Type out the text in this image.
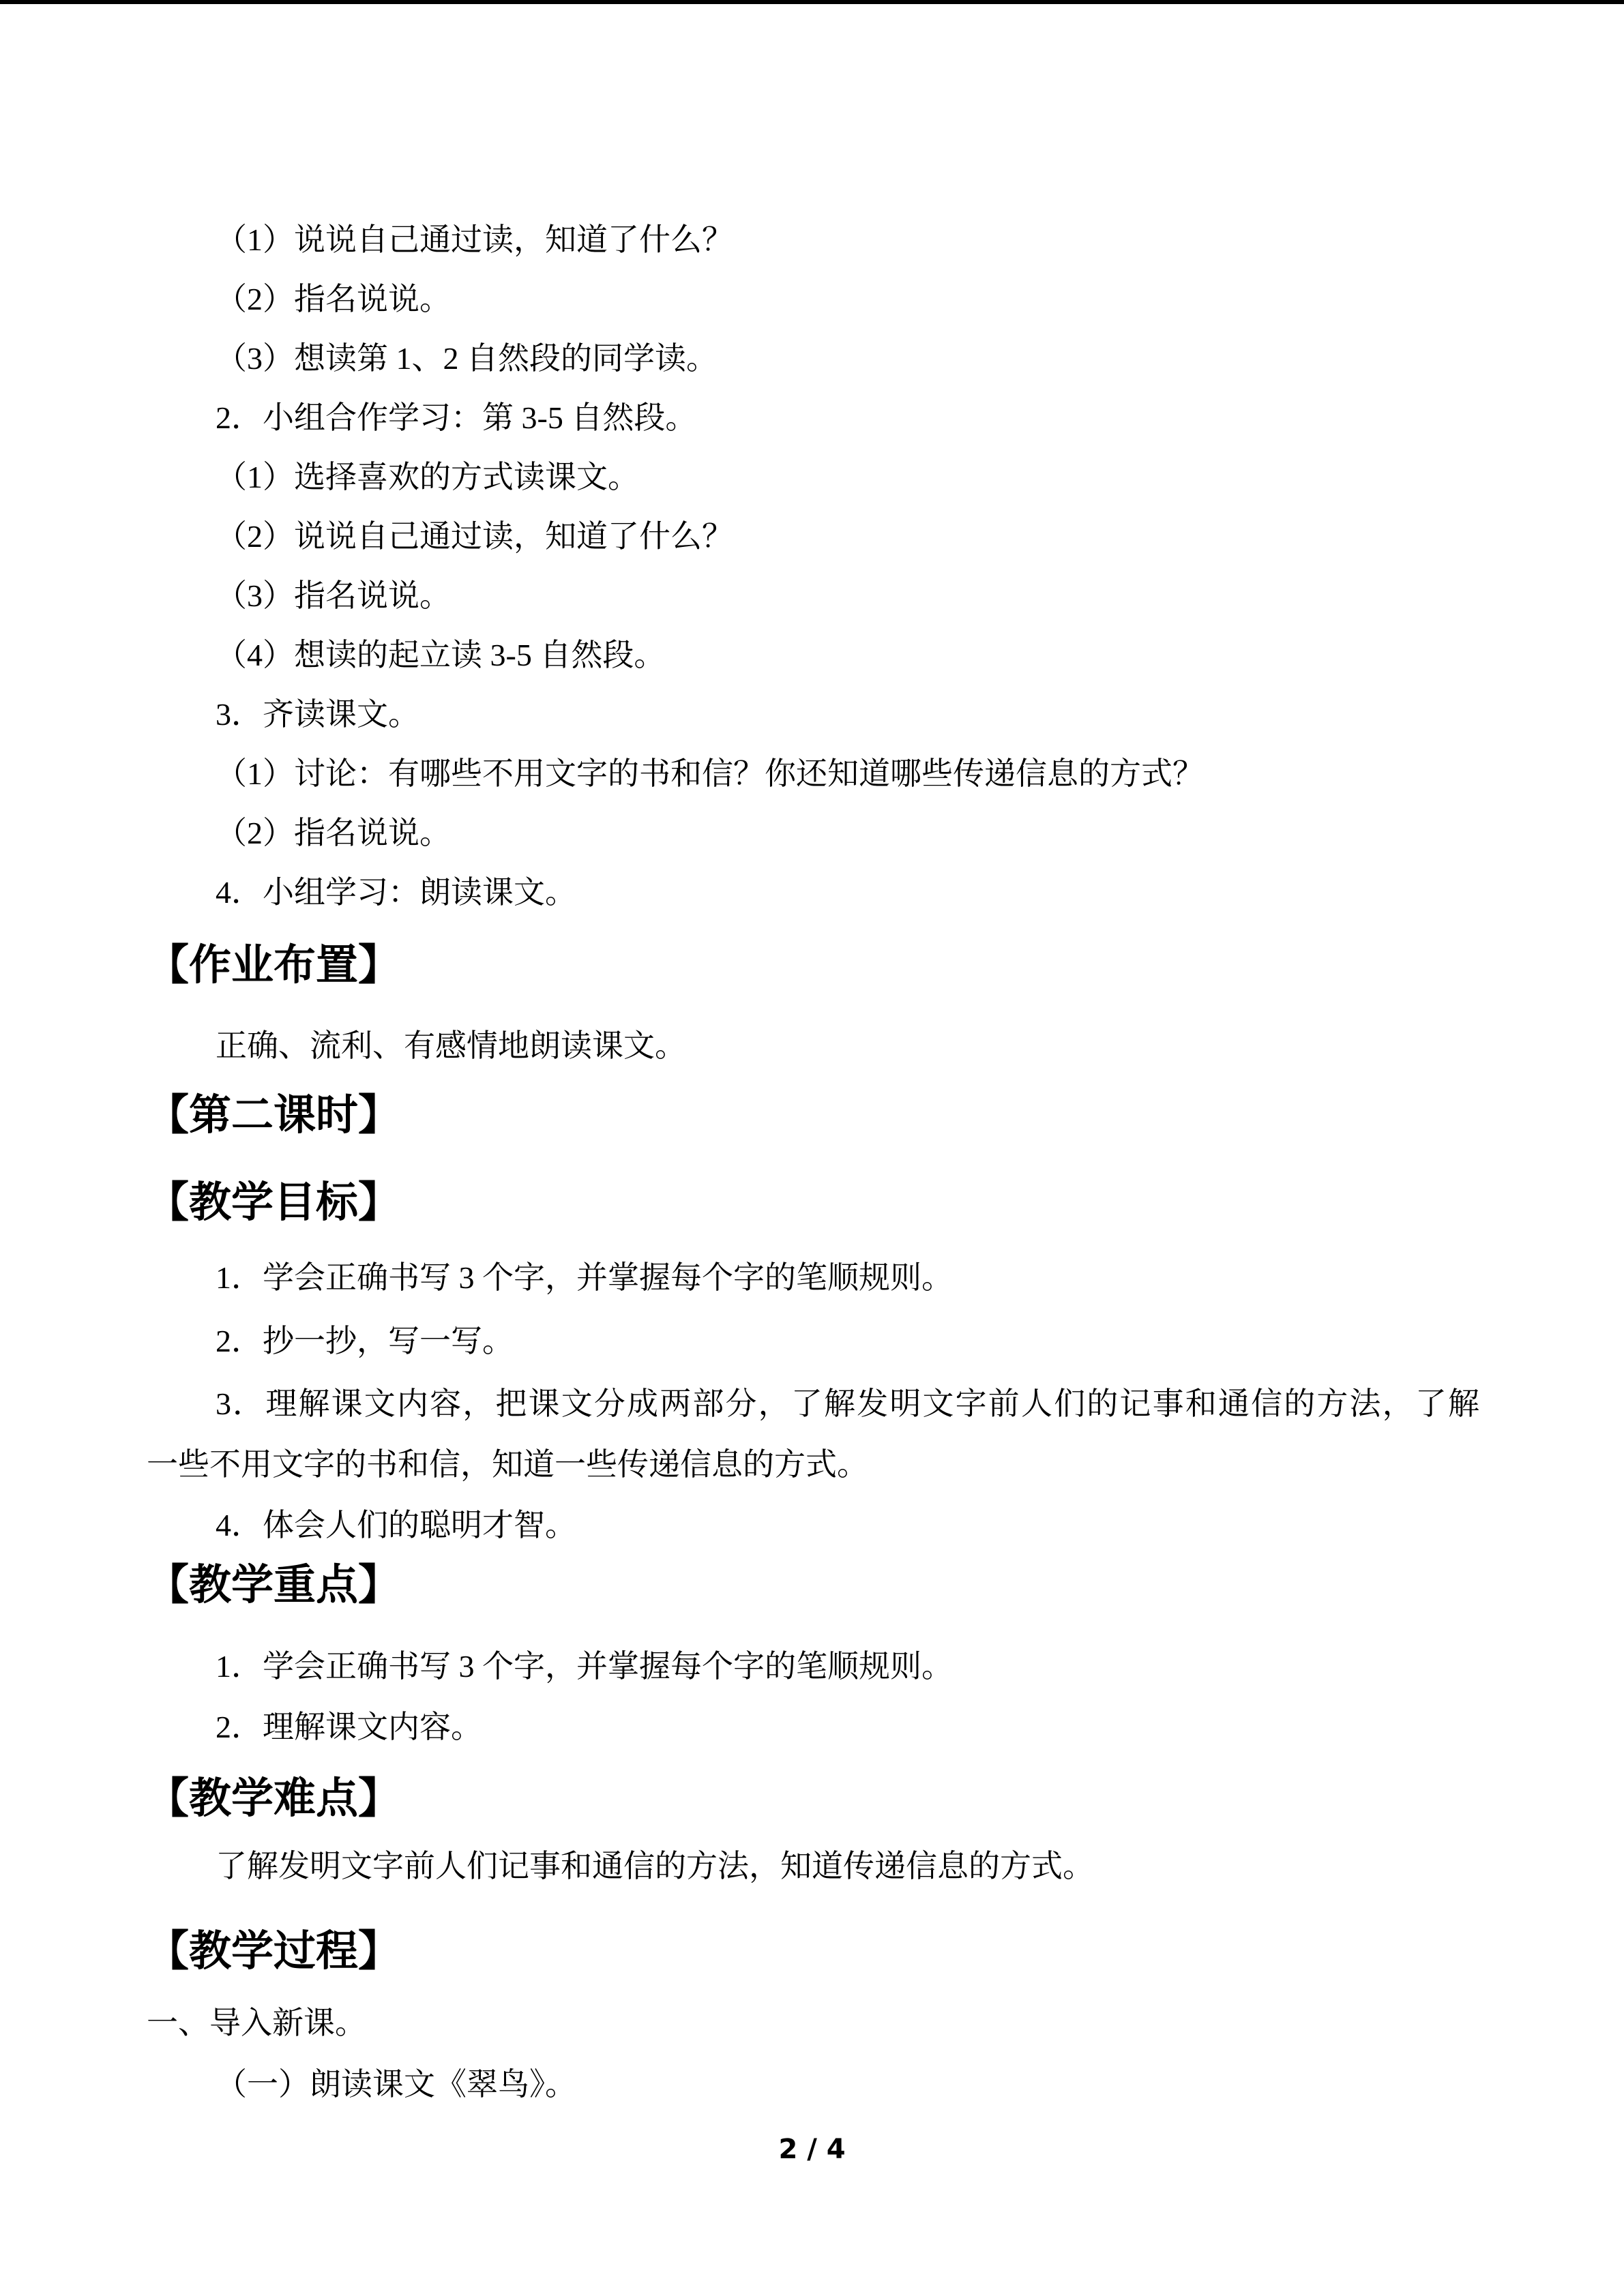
（1）说说自己通过读，知道了什么？
（2）指名说说。
（3）想读第 1、2 自然段的同学读。
2．小组合作学习：第 3-5 自然段。
（1）选择喜欢的方式读课文。
（2）说说自己通过读，知道了什么？
（3）指名说说。
（4）想读的起立读 3-5 自然段。
3．齐读课文。
（1）讨论：有哪些不用文字的书和信？你还知道哪些传递信息的方式？
（2）指名说说。
4．小组学习：朗读课文。
【作业布置】
正确、流利、有感情地朗读课文。
【第二课时】
【教学目标】
1．学会正确书写 3 个字，并掌握每个字的笔顺规则。
2．抄一抄，写一写。
3．理解课文内容，把课文分成两部分，了解发明文字前人们的记事和通信的方法，了解
一些不用文字的书和信，知道一些传递信息的方式。
4．体会人们的聪明才智。
【教学重点】
1．学会正确书写 3 个字，并掌握每个字的笔顺规则。
2．理解课文内容。
【教学难点】
了解发明文字前人们记事和通信的方法，知道传递信息的方式。
【教学过程】
一、导入新课。
（一）朗读课文《翠鸟》。
2 / 4
